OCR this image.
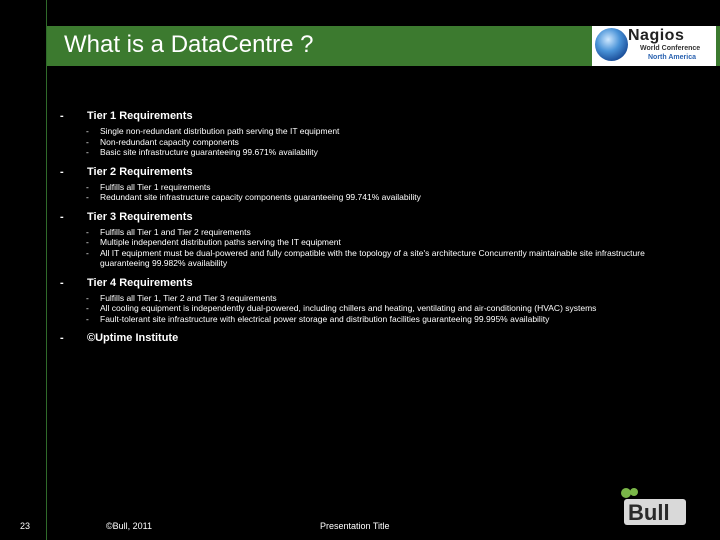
What is a DataCentre ?	Nagios
World Conference
North America
-	Tier 1 Requirements
-	Single non-redundant distribution path serving the IT equipment
-	Non-redundant capacity components
-	Basic site infrastructure guaranteeing 99.671% availability
-	Tier 2 Requirements
-	Fulfills all Tier 1 requirements
-	Redundant site infrastructure capacity components guaranteeing 99.741% availability
-	Tier 3 Requirements
-	Fulfills all Tier 1 and Tier 2 requirements
-	Multiple independent distribution paths serving the IT equipment
-	All IT equipment must be dual-powered and fully compatible with the topology of a site's architecture Concurrently maintainable site infrastructure guaranteeing 99.982% availability
-	Tier 4 Requirements
-	Fulfills all Tier 1, Tier 2 and Tier 3 requirements
-	All cooling equipment is independently dual-powered, including chillers and heating, ventilating and air-conditioning (HVAC) systems
-	Fault-tolerant site infrastructure with electrical power storage and distribution facilities guaranteeing 99.995% availability
-	©Uptime Institute
23	©Bull, 2011	Presentation Title
Bull
